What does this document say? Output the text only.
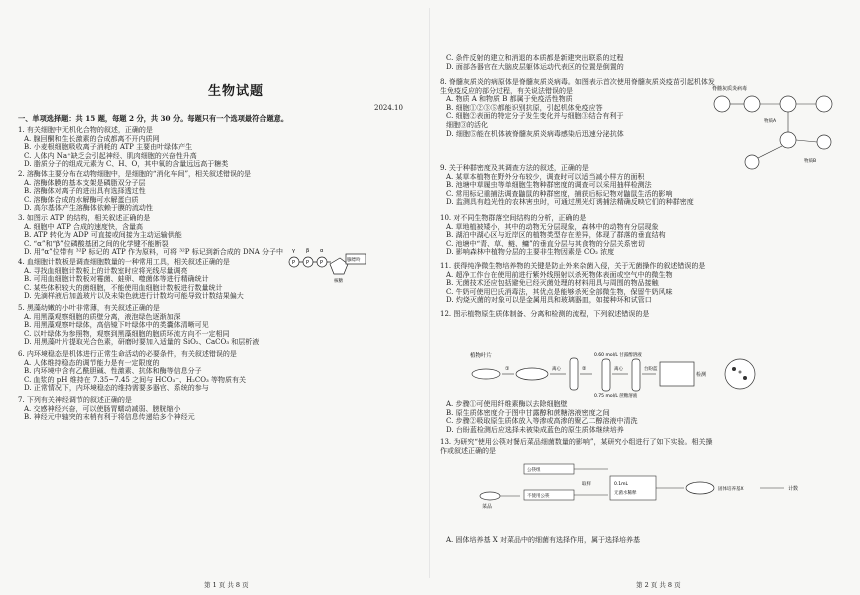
生物试题
2024.10
一、单项选择题：共 15 题，每题 2 分，共 30 分。每题只有一个选项最符合题意。
1. 有关细胞中无机化合物的叙述，正确的是
A. 腺回酮和生长激素的合成都离不开内质网
B. 小麦根细胞吸收离子消耗的 ATP 主要由叶绿体产生
C. 人体内 Na⁺缺乏会引起神经、肌肉细胞的兴奋性升高
D. 脂质分子的组成元素为 C、H、O，其中氧的含量远远高于糖类
2. 溶酶体主要分布在动物细胞中，是细胞的“消化车间”，相关叙述错误的是
A. 溶酶体膜的基本支架是磷脂双分子层
B. 溶酶体对离子的进出具有选择透过性
C. 溶酶体合成的水解酶可水解蛋白质
D. 高尔基体产生溶酶体依赖于膜的流动性
3. 如图示 ATP 的结构，相关叙述正确的是
A. 细胞中 ATP 合成的速度快，含量高
B. ATP 转化为 ADP 可直接或间接为主动运输供能
C. “α”和“β”位磷酸基团之间的化学键不能断裂
D. 用“α”位带有 ³²P 标记的 ATP 作为原料，可将 ³²P 标记到新合成的 DNA 分子中
4. 血细胞计数板是调查细胞数量的一种常用工具，相关叙述正确的是
A. 寻找血细胞计数板上的计数室时应将光线尽量调亮
B. 可用血细胞计数板对霉菌、蛙卵、噬菌体等进行精确统计
C. 某些体积较大的菌细胞，不能使用血细胞计数板进行数量统计
D. 先滴样液后加盖玻片以及未染色就进行计数均可能导致计数结果偏大
5. 黑藻幼嫩的小叶非常薄，有关叙述正确的是
A. 用黑藻观察细胞的质壁分离，液泡绿色逐渐加深
B. 用黑藻观察叶绿体，高倍镜下叶绿体中的类囊体清晰可见
C. 以叶绿体为参照物，观察到黑藻细胞的胞质环流方向不一定相同
D. 用黑藻叶片提取光合色素，研磨时要加入适量的 SiO₂、CaCO₃ 和层析液
6. 内环境稳态是机体进行正常生命活动的必要条件，有关叙述错误的是
A. 人体维持稳态的调节能力是有一定限度的
B. 内环境中含有乙酰胆碱、性激素、抗体和酶等信息分子
C. 血浆的 pH 维持在 7.35~7.45 之间与 HCO₃⁻、H₂CO₃ 等物质有关
D. 正常情况下，内环境稳态的维持需要多器官、系统的参与
7. 下列有关神经调节的叙述正确的是
A. 交感神经兴奋，可以使肠胃蠕动减弱、膀胱缩小
B. 神经元中轴突的末梢有利于将信息传递给多个神经元
第 1 页 共 8 页
γ β α
P P P	腺嘌呤
核糖
C. 条件反射的建立和消退的本质都是新建突出联系的过程
D. 面部各器官在大脑皮层躯体运动代表区的位置是倒置的
8. 脊髓灰质炎的病原体是脊髓灰质炎病毒。如图表示首次使用脊髓灰质炎疫苗引起机体发
生免疫反应的部分过程，有关说法错误的是
A. 物质 A 和物质 B 都属于免疫活性物质
B. 细胞①②③⑤都能识别抗原，引起机体免疫应答
C. 细胞②表面的特定分子发生变化并与细胞③结合有利于
细胞③的活化
D. 细胞⑤能在机体被脊髓灰质炎病毒感染后迅速分泌抗体
9. 关于种群密度及其调查方法的叙述，正确的是
A. 某草本植物在野外分布较少，调查时可以适当减小样方的面积
B. 池塘中草履虫等单细胞生物种群密度的调查可以采用抽样检测法
C. 常用标记重捕法调查鼬鼠的种群密度，捕获后标记物对鼬鼠生活的影响
D. 监测具有趋光性的农林害虫时，可通过黑光灯诱捕法精确反映它们的种群密度
10. 对不同生物群落空间结构的分析，正确的是
A. 草地植被矮小，其中的动物无分层现象，森林中的动物有分层现象
B. 湖泊中湖心区与近岸区的植物类型存在差异，体现了群落的垂直结构
C. 池塘中“青、草、鲢、鳙”的垂直分层与其食物的分层关系密切
D. 影响森林中植物分层的主要非生物因素是 CO₂ 浓度
11. 获得纯净微生物培养物的关键是防止外来杂菌入侵，关于无菌操作的叙述错误的是
A. 超净工作台在使用前进行紫外线照射以杀死物体表面或空气中的微生物
B. 无菌技术还应包括避免已经灭菌处理的材料用具与周围的物品接触
C. 牛奶可使用巴氏消毒法，其优点是能够杀死全部微生物，保留牛奶风味
D. 灼烧灭菌的对象可以是金属用具和玻璃器皿，如接种环和试管口
12. 图示植物原生质体制备、分离和检测的流程，下列叙述错误的是
A. 步骤①可使用纤维素酶以去除细胞壁
B. 原生质体密度介于图中甘露醇和蔗糖溶液密度之间
C. 步骤②吸取原生质体放入等渗或高渗的聚乙二醇溶液中清洗
D. 台盼蓝检测后应选择未被染成蓝色的原生质体继续培养
13. 为研究“使用公筷对餐后菜品细菌数量的影响”，某研究小组进行了如下实验。相关操
作或叙述正确的是
A. 固体培养基 X 对菜品中的细菌有选择作用，属于选择培养基
第 2 页 共 8 页
脊髓灰质炎病毒
物质A
物质B
植物叶片
①	离心	②
0.60 mol/L 甘露醇溶液
0.75 mol/L 蔗糖溶液
离心	台盼蓝
检测
菜品
公筷组
不使用公筷
取样	0.1mL
无菌水稀释
固体培养基X	计数
